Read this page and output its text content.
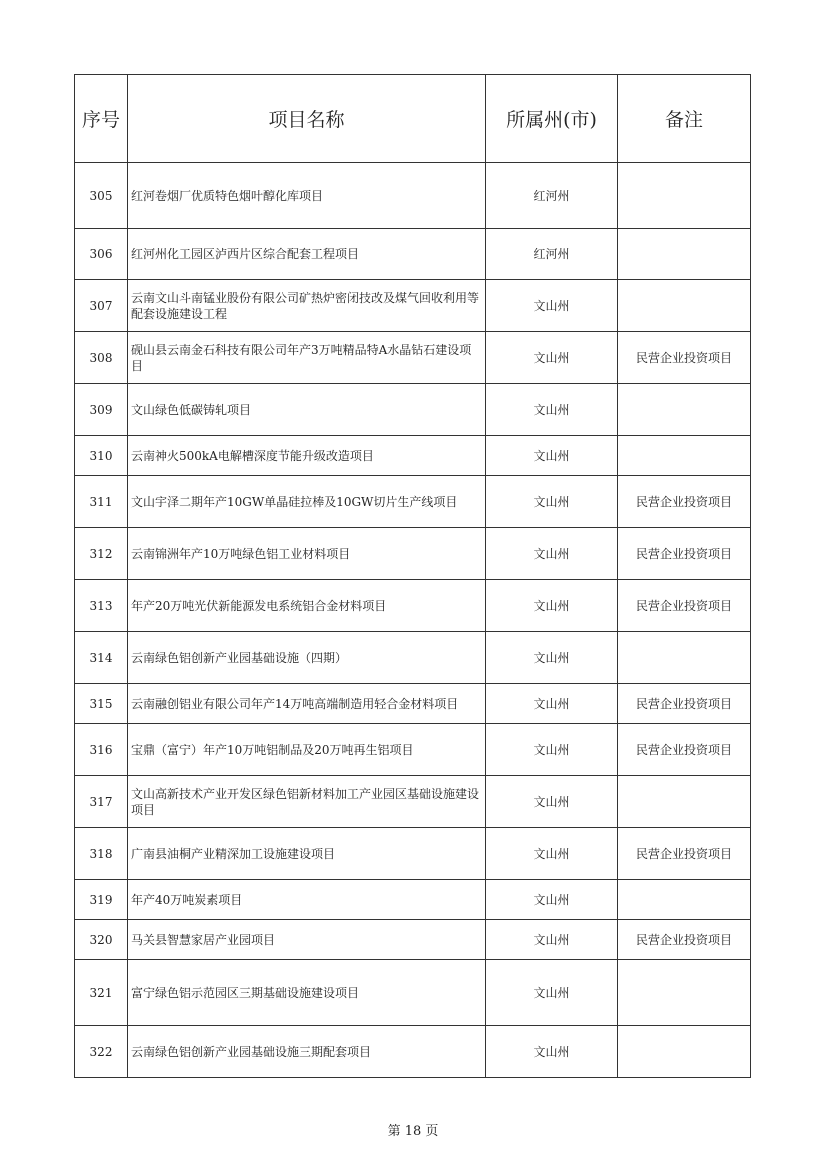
序号	项目名称	所属州(市)	备注
305	红河卷烟厂优质特色烟叶醇化库项目	红河州	
306	红河州化工园区泸西片区综合配套工程项目	红河州	
307	云南文山斗南锰业股份有限公司矿热炉密闭技改及煤气回收利用等配套设施建设工程	文山州	
308	砚山县云南金石科技有限公司年产3万吨精品特A水晶钻石建设项目	文山州	民营企业投资项目
309	文山绿色低碳铸轧项目	文山州	
310	云南神火500kA电解槽深度节能升级改造项目	文山州	
311	文山宇泽二期年产10GW单晶硅拉棒及10GW切片生产线项目	文山州	民营企业投资项目
312	云南锦洲年产10万吨绿色铝工业材料项目	文山州	民营企业投资项目
313	年产20万吨光伏新能源发电系统铝合金材料项目	文山州	民营企业投资项目
314	云南绿色铝创新产业园基础设施（四期）	文山州	
315	云南融创铝业有限公司年产14万吨高端制造用轻合金材料项目	文山州	民营企业投资项目
316	宝鼎（富宁）年产10万吨铝制品及20万吨再生铝项目	文山州	民营企业投资项目
317	文山高新技术产业开发区绿色铝新材料加工产业园区基础设施建设项目	文山州	
318	广南县油桐产业精深加工设施建设项目	文山州	民营企业投资项目
319	年产40万吨炭素项目	文山州	
320	马关县智慧家居产业园项目	文山州	民营企业投资项目
321	富宁绿色铝示范园区三期基础设施建设项目	文山州	
322	云南绿色铝创新产业园基础设施三期配套项目	文山州	
第 18 页
